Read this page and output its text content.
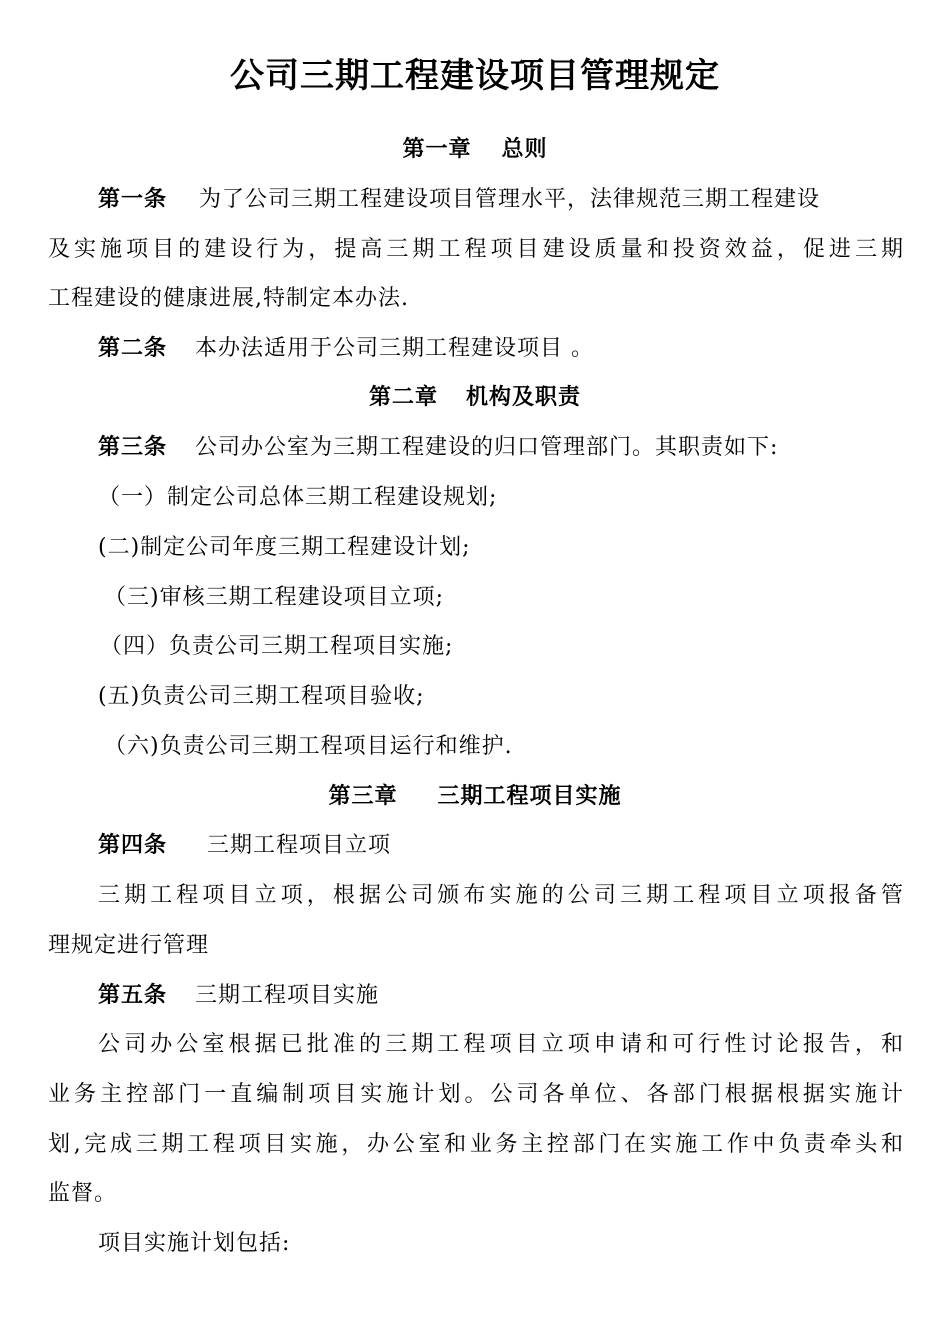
公司三期工程建设项目管理规定
第一章 总则
第一条 为了公司三期工程建设项目管理水平，法律规范三期工程建设
及实施项目的建设行为，提高三期工程项目建设质量和投资效益，促进三期
工程建设的健康进展,特制定本办法.
第二条 本办法适用于公司三期工程建设项目 。
第二章 机构及职责
第三条 公司办公室为三期工程建设的归口管理部门。其职责如下:
（一）制定公司总体三期工程建设规划;
(二)制定公司年度三期工程建设计划;
（三)审核三期工程建设项目立项;
（四）负责公司三期工程项目实施;
(五)负责公司三期工程项目验收;
（六)负责公司三期工程项目运行和维护.
第三章 三期工程项目实施
第四条 三期工程项目立项
三期工程项目立项，根据公司颁布实施的公司三期工程项目立项报备管
理规定进行管理
第五条 三期工程项目实施
公司办公室根据已批准的三期工程项目立项申请和可行性讨论报告，和
业务主控部门一直编制项目实施计划。公司各单位、各部门根据根据实施计
划,完成三期工程项目实施，办公室和业务主控部门在实施工作中负责牵头和
监督。
项目实施计划包括:
